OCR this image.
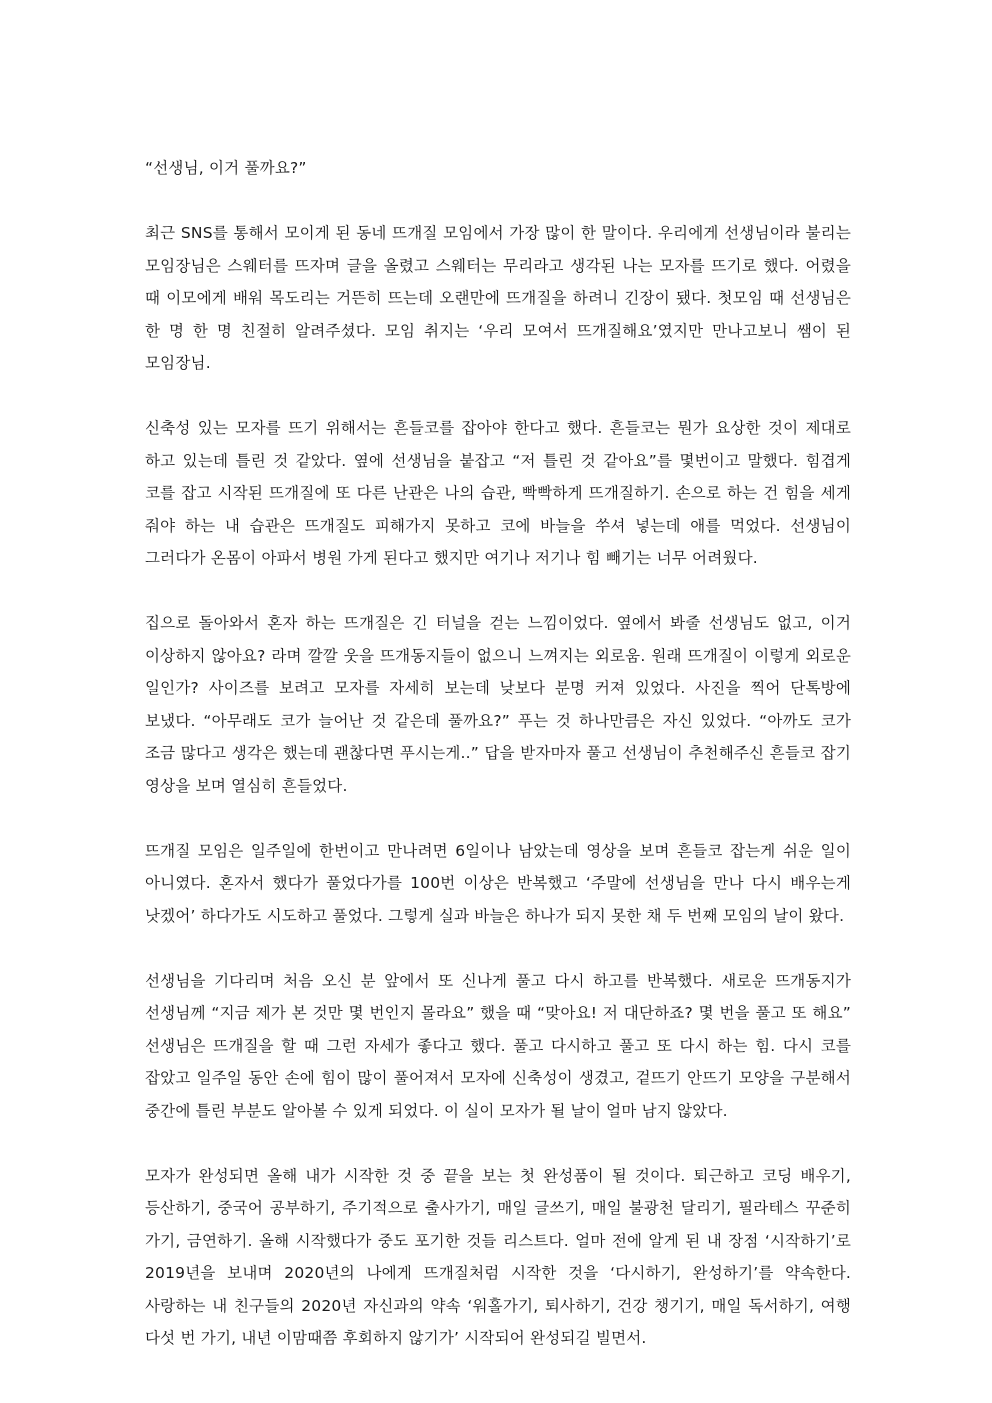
“선생님, 이거 풀까요?”

최근 SNS를 통해서 모이게 된 동네 뜨개질 모임에서 가장 많이 한 말이다. 우리에게 선생님이라 불리는 모임장님은 스웨터를 뜨자며 글을 올렸고 스웨터는 무리라고 생각된 나는 모자를 뜨기로 했다. 어렸을 때 이모에게 배워 목도리는 거뜬히 뜨는데 오랜만에 뜨개질을 하려니 긴장이 됐다. 첫모임 때 선생님은 한 명 한 명 친절히 알려주셨다. 모임 취지는 ‘우리 모여서 뜨개질해요’였지만 만나고보니 쌤이 된 모임장님.

신축성 있는 모자를 뜨기 위해서는 흔들코를 잡아야 한다고 했다. 흔들코는 뭔가 요상한 것이 제대로 하고 있는데 틀린 것 같았다. 옆에 선생님을 붙잡고 “저 틀린 것 같아요”를 몇번이고 말했다. 힘겹게 코를 잡고 시작된 뜨개질에 또 다른 난관은 나의 습관, 빡빡하게 뜨개질하기. 손으로 하는 건 힘을 세게 줘야 하는 내 습관은 뜨개질도 피해가지 못하고 코에 바늘을 쑤셔 넣는데 애를 먹었다. 선생님이 그러다가 온몸이 아파서 병원 가게 된다고 했지만 여기나 저기나 힘 빼기는 너무 어려웠다.

집으로 돌아와서 혼자 하는 뜨개질은 긴 터널을 걷는 느낌이었다. 옆에서 봐줄 선생님도 없고, 이거 이상하지 않아요? 라며 깔깔 웃을 뜨개동지들이 없으니 느껴지는 외로움. 원래 뜨개질이 이렇게 외로운 일인가? 사이즈를 보려고 모자를 자세히 보는데 낮보다 분명 커져 있었다. 사진을 찍어 단톡방에 보냈다. “아무래도 코가 늘어난 것 같은데 풀까요?” 푸는 것 하나만큼은 자신 있었다. “아까도 코가 조금 많다고 생각은 했는데 괜찮다면 푸시는게..” 답을 받자마자 풀고 선생님이 추천해주신 흔들코 잡기 영상을 보며 열심히 흔들었다.

뜨개질 모임은 일주일에 한번이고 만나려면 6일이나 남았는데 영상을 보며 흔들코 잡는게 쉬운 일이 아니였다. 혼자서 했다가 풀었다가를 100번 이상은 반복했고 ‘주말에 선생님을 만나 다시 배우는게 낫겠어’ 하다가도 시도하고 풀었다. 그렇게 실과 바늘은 하나가 되지 못한 채 두 번째 모임의 날이 왔다.

선생님을 기다리며 처음 오신 분 앞에서 또 신나게 풀고 다시 하고를 반복했다. 새로운 뜨개동지가 선생님께 “지금 제가 본 것만 몇 번인지 몰라요” 했을 때 “맞아요! 저 대단하죠? 몇 번을 풀고 또 해요” 선생님은 뜨개질을 할 때 그런 자세가 좋다고 했다. 풀고 다시하고 풀고 또 다시 하는 힘. 다시 코를 잡았고 일주일 동안 손에 힘이 많이 풀어져서 모자에 신축성이 생겼고, 겉뜨기 안뜨기 모양을 구분해서 중간에 틀린 부분도 알아볼 수 있게 되었다. 이 실이 모자가 될 날이 얼마 남지 않았다.

모자가 완성되면 올해 내가 시작한 것 중 끝을 보는 첫 완성품이 될 것이다. 퇴근하고 코딩 배우기, 등산하기, 중국어 공부하기, 주기적으로 출사가기, 매일 글쓰기, 매일 불광천 달리기, 필라테스 꾸준히 가기, 금연하기. 올해 시작했다가 중도 포기한 것들 리스트다. 얼마 전에 알게 된 내 장점 ‘시작하기’로 2019년을 보내며 2020년의 나에게 뜨개질처럼 시작한 것을 ‘다시하기, 완성하기’를 약속한다. 사랑하는 내 친구들의 2020년 자신과의 약속 ‘워홀가기, 퇴사하기, 건강 챙기기, 매일 독서하기, 여행 다섯 번 가기, 내년 이맘때쯤 후회하지 않기가’ 시작되어 완성되길 빌면서.
